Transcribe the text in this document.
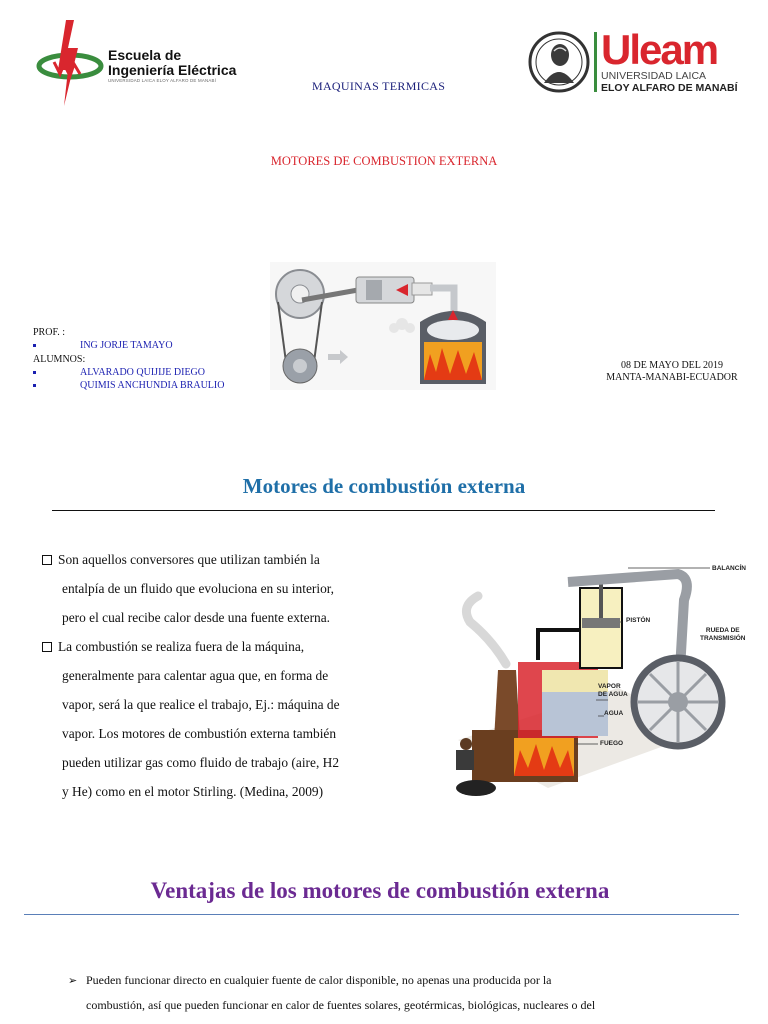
Escuela de
Ingeniería Eléctrica
UNIVERSIDAD LAICA ELOY ALFARO DE MANABÍ	MAQUINAS TERMICAS
Uleam
UNIVERSIDAD LAICA
ELOY ALFARO DE MANABÍ
MOTORES DE COMBUSTION EXTERNA
PROF. :
ING JORJE TAMAYO
ALUMNOS:
ALVARADO QUIJIJE DIEGO
QUIMIS ANCHUNDIA BRAULIO
08 DE MAYO DEL 2019
MANTA-MANABI-ECUADOR
Motores de combustión externa
Son aquellos conversores que utilizan también la
entalpía de un fluido que evoluciona en su interior,
pero el cual recibe calor desde una fuente externa.
La combustión se realiza fuera de la máquina,
generalmente para calentar agua que, en forma de
vapor, será la que realice el trabajo, Ej.: máquina de
vapor. Los motores de combustión externa también
pueden utilizar gas como fluido de trabajo (aire, H2
y He) como en el motor Stirling. (Medina, 2009)
BALANCÍN
PISTÓN
RUEDA DE
TRANSMISIÓN
VAPOR
DE AGUA
AGUA
FUEGO
Ventajas de los motores de combustión externa
➢ Pueden funcionar directo en cualquier fuente de calor disponible, no apenas una producida por la
combustión, así que pueden funcionar en calor de fuentes solares, geotérmicas, biológicas, nucleares o del
